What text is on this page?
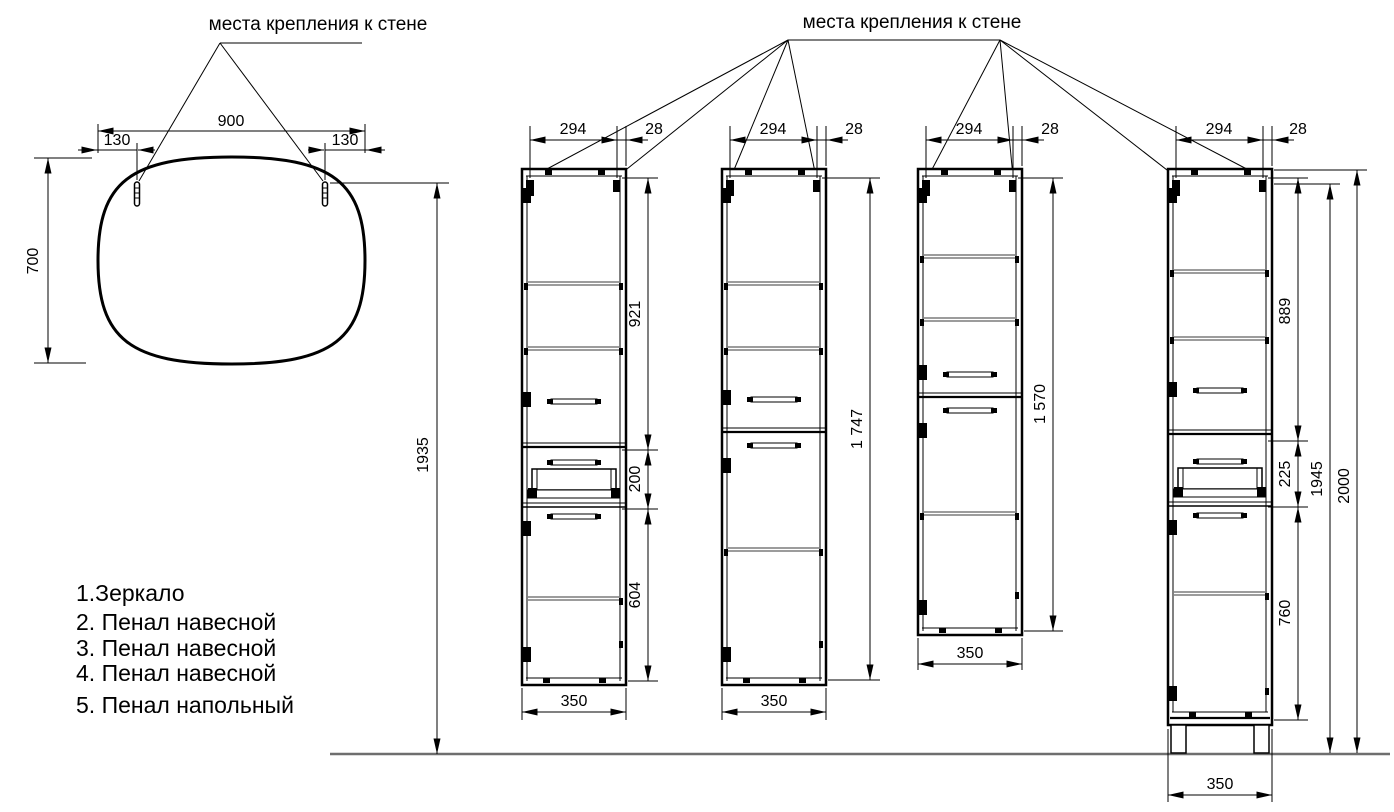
900
130	130
700
1935
места крепления к стене	места крепления к стене
294	28
921
200
604
350
294	28
1 747
350
294	28
1 570
350
294	28
889
225
760
1945 2000
350
1.Зеркало
2. Пенал навесной
3. Пенал навесной
4. Пенал навесной
5. Пенал напольный
